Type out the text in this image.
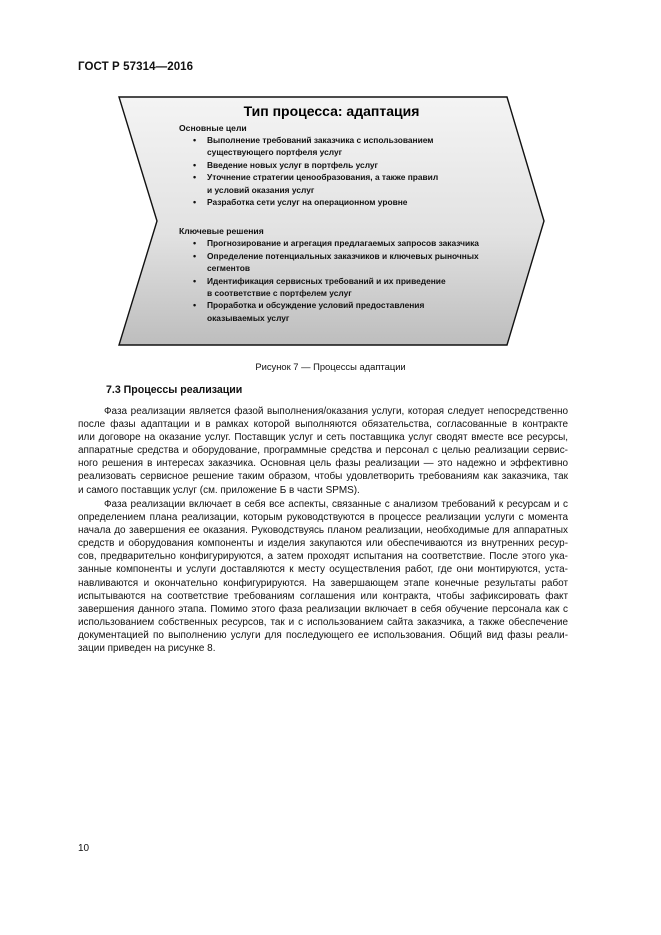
ГОСТ Р 57314—2016
Тип процесса: адаптация
Основные цели
• Выполнение требований заказчика с использованием
существующего портфеля услуг
• Введение новых услуг в портфель услуг
• Уточнение стратегии ценообразования, а также правил
и условий оказания услуг
• Разработка сети услуг на операционном уровне
Ключевые решения
• Прогнозирование и агрегация предлагаемых запросов заказчика
• Определение потенциальных заказчиков и ключевых рыночных
сегментов
• Идентификация сервисных требований и их приведение
в соответствие с портфелем услуг
• Проработка и обсуждение условий предоставления
оказываемых услуг
Рисунок 7 — Процессы адаптации
7.3 Процессы реализации

Фаза реализации является фазой выполнения/оказания услуги, которая следует непосредственно
после фазы адаптации и в рамках которой выполняются обязательства, согласованные в контракте
или договоре на оказание услуг. Поставщик услуг и сеть поставщика услуг сводят вместе все ресурсы,
аппаратные средства и оборудование, программные средства и персонал с целью реализации сервис-
ного решения в интересах заказчика. Основная цель фазы реализации — это надежно и эффективно
реализовать сервисное решение таким образом, чтобы удовлетворить требованиям как заказчика, так
и самого поставщик услуг (см. приложение Б в части SPMS).

Фаза реализации включает в себя все аспекты, связанные с анализом требований к ресурсам и с
определением плана реализации, которым руководствуются в процессе реализации услуги с момента
начала до завершения ее оказания. Руководствуясь планом реализации, необходимые для аппаратных
средств и оборудования компоненты и изделия закупаются или обеспечиваются из внутренних ресур-
сов, предварительно конфигурируются, а затем проходят испытания на соответствие. После этого ука-
занные компоненты и услуги доставляются к месту осуществления работ, где они монтируются, уста-
навливаются и окончательно конфигурируются. На завершающем этапе конечные результаты работ
испытываются на соответствие требованиям соглашения или контракта, чтобы зафиксировать факт
завершения данного этапа. Помимо этого фаза реализации включает в себя обучение персонала как с
использованием собственных ресурсов, так и с использованием сайта заказчика, а также обеспечение
документацией по выполнению услуги для последующего ее использования. Общий вид фазы реали-
зации приведен на рисунке 8.

10
